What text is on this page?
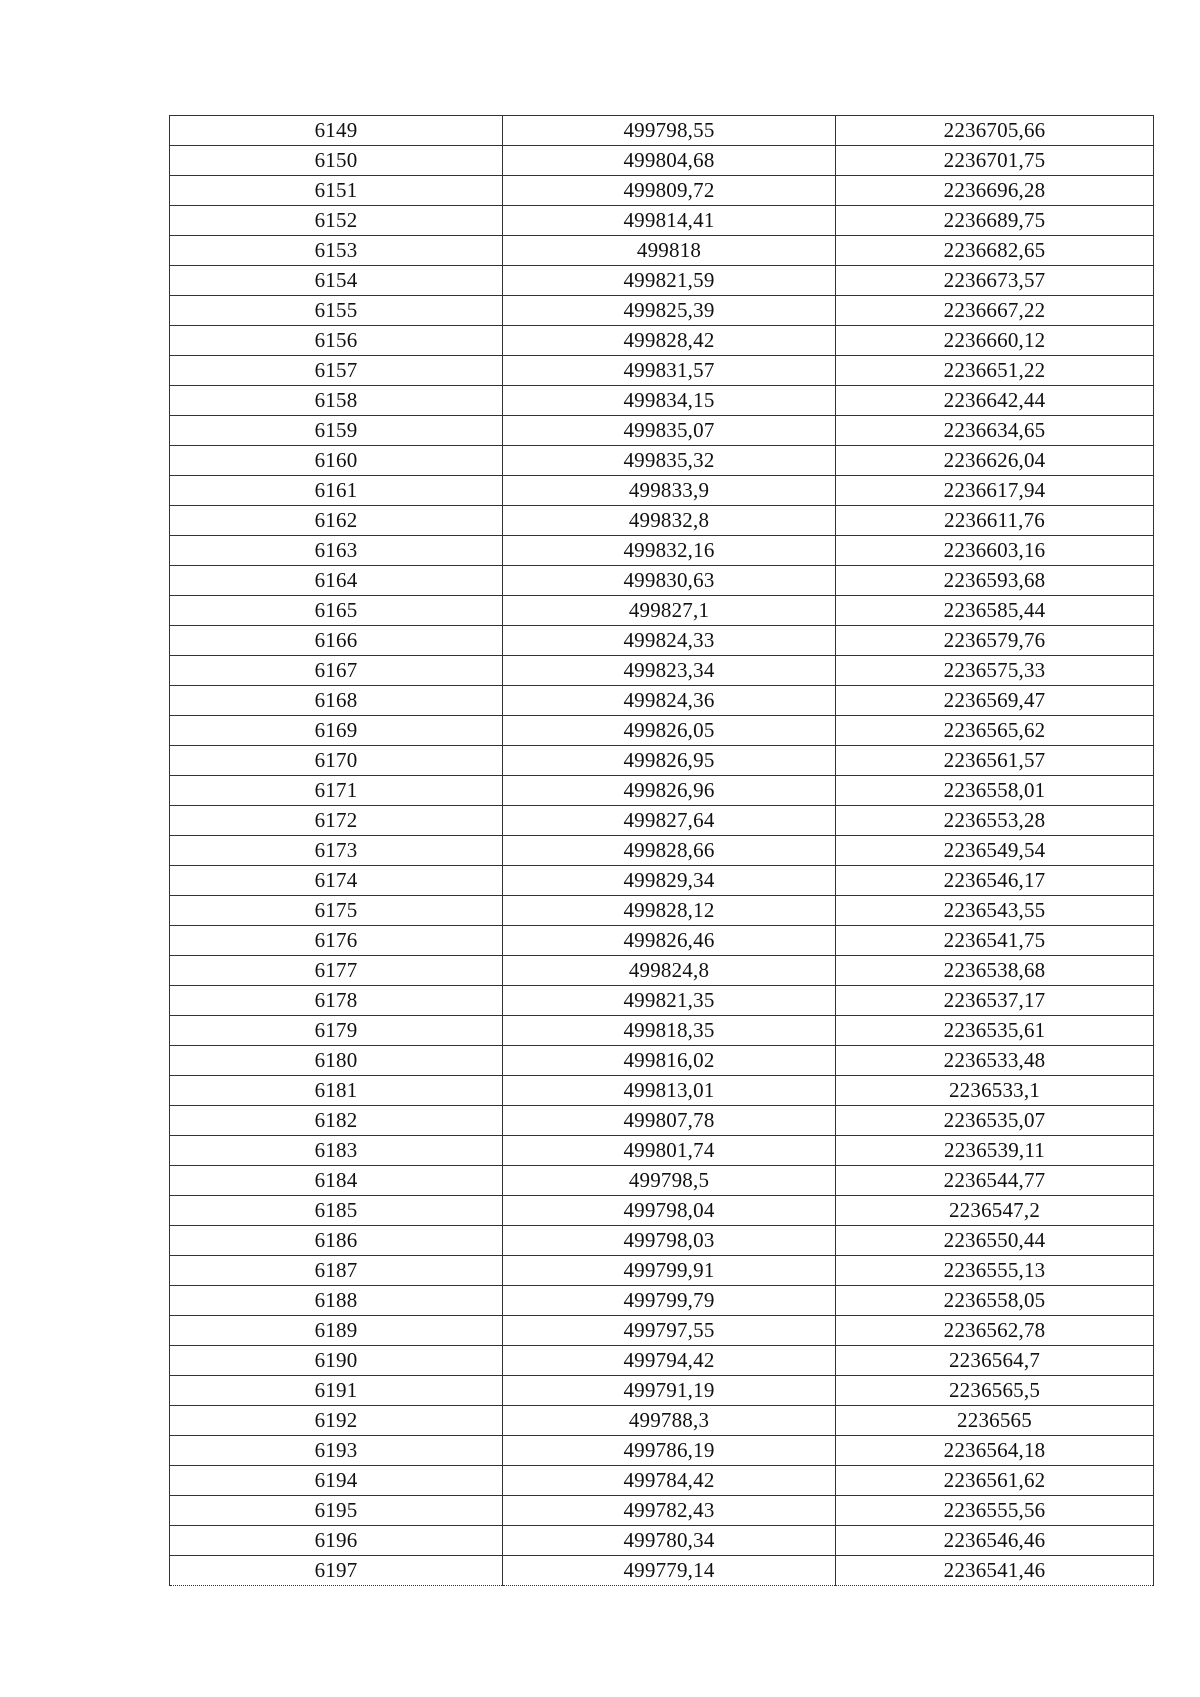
6149	499798,55	2236705,66
6150	499804,68	2236701,75
6151	499809,72	2236696,28
6152	499814,41	2236689,75
6153	499818	2236682,65
6154	499821,59	2236673,57
6155	499825,39	2236667,22
6156	499828,42	2236660,12
6157	499831,57	2236651,22
6158	499834,15	2236642,44
6159	499835,07	2236634,65
6160	499835,32	2236626,04
6161	499833,9	2236617,94
6162	499832,8	2236611,76
6163	499832,16	2236603,16
6164	499830,63	2236593,68
6165	499827,1	2236585,44
6166	499824,33	2236579,76
6167	499823,34	2236575,33
6168	499824,36	2236569,47
6169	499826,05	2236565,62
6170	499826,95	2236561,57
6171	499826,96	2236558,01
6172	499827,64	2236553,28
6173	499828,66	2236549,54
6174	499829,34	2236546,17
6175	499828,12	2236543,55
6176	499826,46	2236541,75
6177	499824,8	2236538,68
6178	499821,35	2236537,17
6179	499818,35	2236535,61
6180	499816,02	2236533,48
6181	499813,01	2236533,1
6182	499807,78	2236535,07
6183	499801,74	2236539,11
6184	499798,5	2236544,77
6185	499798,04	2236547,2
6186	499798,03	2236550,44
6187	499799,91	2236555,13
6188	499799,79	2236558,05
6189	499797,55	2236562,78
6190	499794,42	2236564,7
6191	499791,19	2236565,5
6192	499788,3	2236565
6193	499786,19	2236564,18
6194	499784,42	2236561,62
6195	499782,43	2236555,56
6196	499780,34	2236546,46
6197	499779,14	2236541,46
